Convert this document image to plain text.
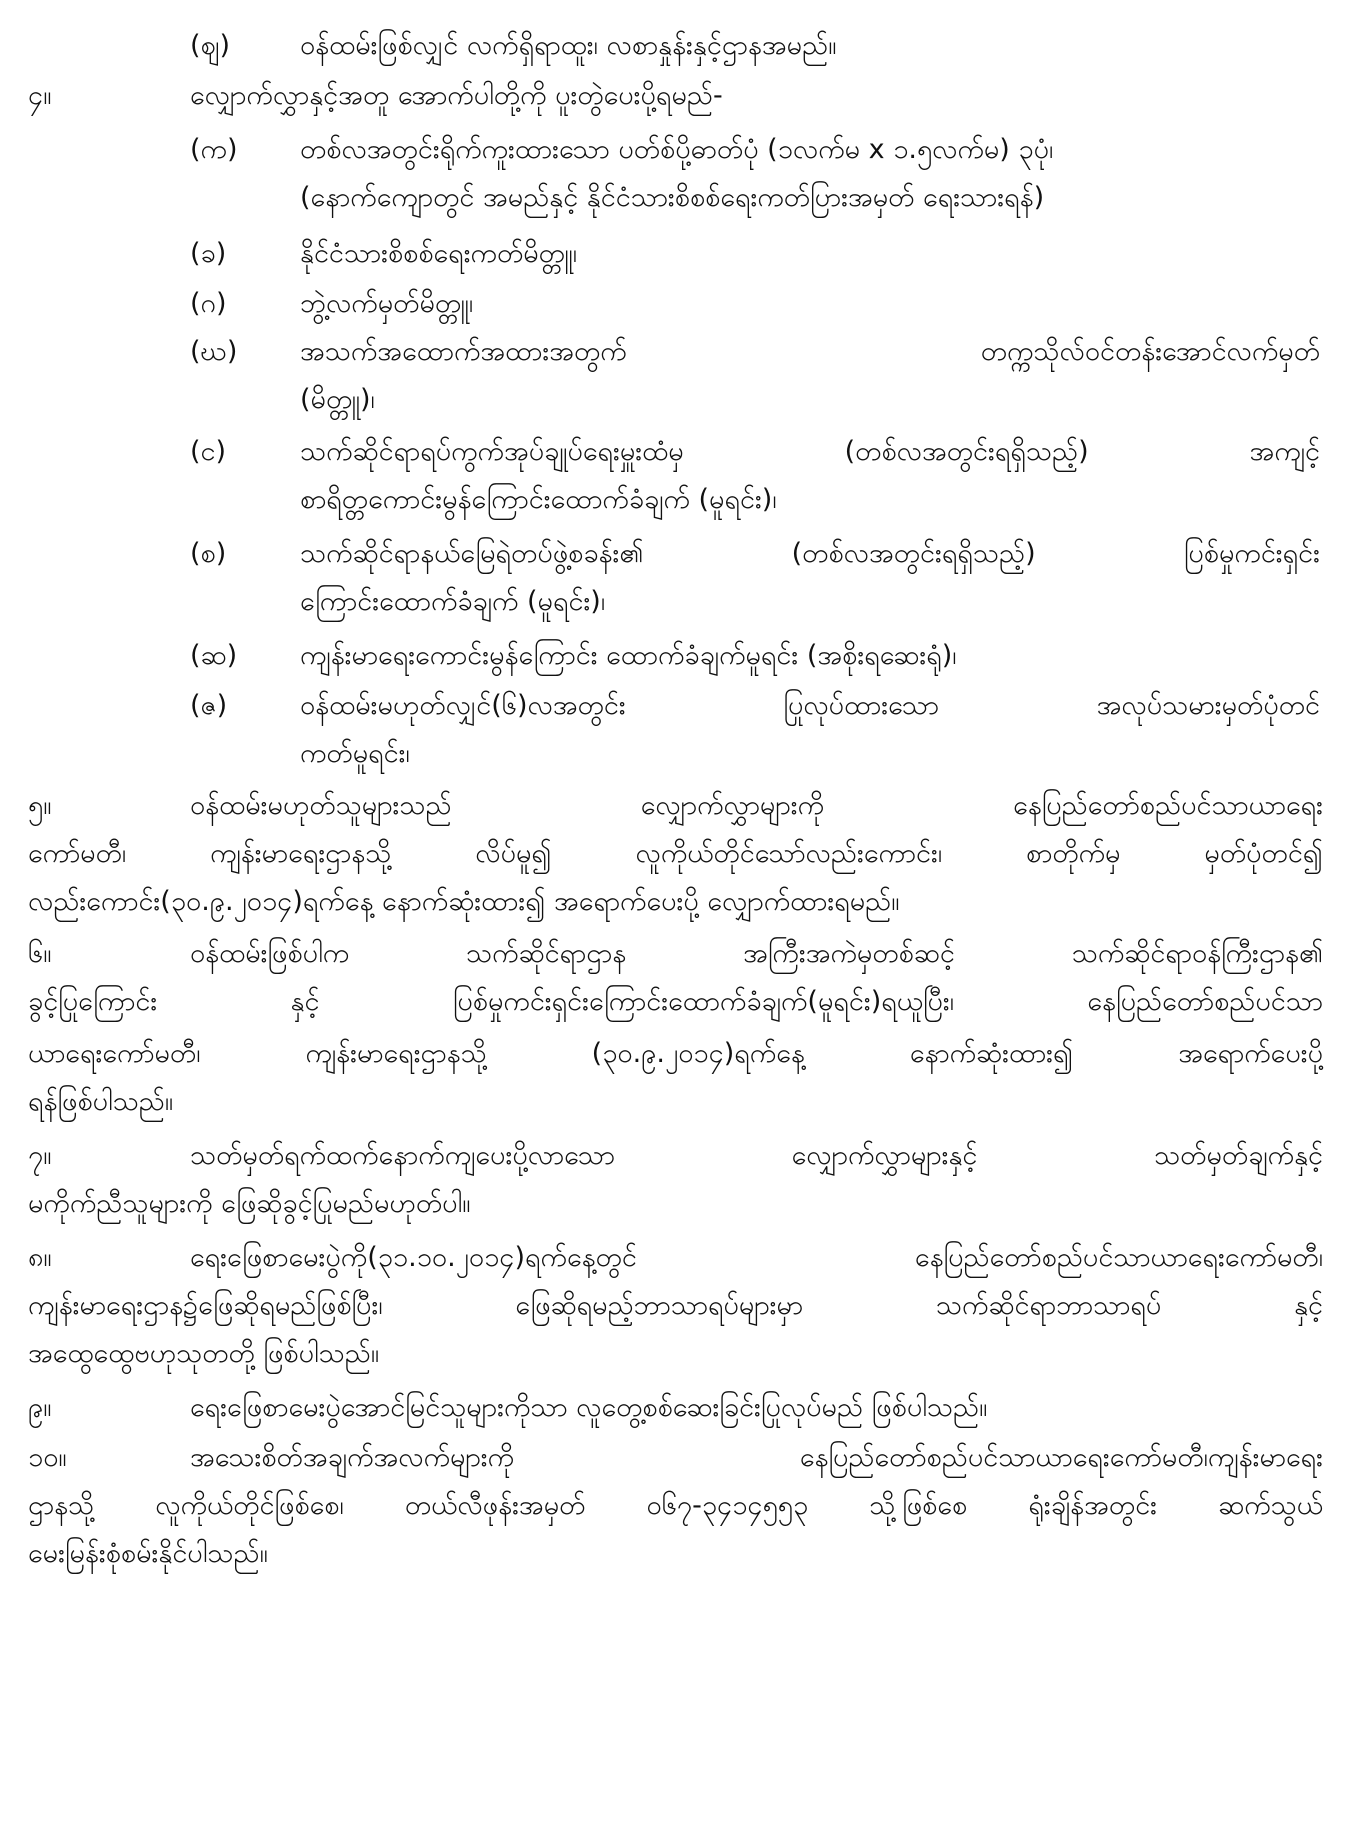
(ဈ)	ဝန်ထမ်းဖြစ်လျှင် လက်ရှိရာထူး၊ လစာနှုန်းနှင့်ဌာနအမည်။
၄။	လျှောက်လွှာနှင့်အတူ အောက်ပါတို့ကို ပူးတွဲပေးပို့ရမည်-
(က) တစ်လအတွင်းရိုက်ကူးထားသော ပတ်စ်ပို့ဓာတ်ပုံ (၁လက်မ x ၁.၅လက်မ) ၃ပုံ၊
(နောက်ကျောတွင် အမည်နှင့် နိုင်ငံသားစိစစ်ရေးကတ်ပြားအမှတ် ရေးသားရန်)
(ခ)	နိုင်ငံသားစိစစ်ရေးကတ်မိတ္တူ၊
(ဂ)	ဘွဲ့လက်မှတ်မိတ္တူ၊
(ဃ) အသက်အထောက်အထားအတွက် တက္ကသိုလ်ဝင်တန်းအောင်လက်မှတ်
(မိတ္တူ)၊
(င)	သက်ဆိုင်ရာရပ်ကွက်အုပ်ချုပ်ရေးမှူးထံမှ (တစ်လအတွင်းရရှိသည့်) အကျင့်
စာရိတ္တကောင်းမွန်ကြောင်းထောက်ခံချက် (မူရင်း)၊
(စ)	သက်ဆိုင်ရာနယ်မြေရဲတပ်ဖွဲ့စခန်း၏ (တစ်လအတွင်းရရှိသည့်) ပြစ်မှုကင်းရှင်း
ကြောင်းထောက်ခံချက် (မူရင်း)၊
(ဆ) ကျန်းမာရေးကောင်းမွန်ကြောင်း ထောက်ခံချက်မူရင်း (အစိုးရဆေးရုံ)၊
(ဇ)	ဝန်ထမ်းမဟုတ်လျှင်(၆)လအတွင်း ပြုလုပ်ထားသော အလုပ်သမားမှတ်ပုံတင်
ကတ်မူရင်း၊
၅။	ဝန်ထမ်းမဟုတ်သူများသည် လျှောက်လွှာများကို နေပြည်တော်စည်ပင်သာယာရေး
ကော်မတီ၊ ကျန်းမာရေးဌာနသို့ လိပ်မူ၍ လူကိုယ်တိုင်သော်လည်းကောင်း၊ စာတိုက်မှ မှတ်ပုံတင်၍
လည်းကောင်း(၃၀.၉.၂၀၁၄)ရက်နေ့ နောက်ဆုံးထား၍ အရောက်ပေးပို့ လျှောက်ထားရမည်။
၆။	ဝန်ထမ်းဖြစ်ပါက သက်ဆိုင်ရာဌာန အကြီးအကဲမှတစ်ဆင့် သက်ဆိုင်ရာဝန်ကြီးဌာန၏
ခွင့်ပြုကြောင်း နှင့် ပြစ်မှုကင်းရှင်းကြောင်းထောက်ခံချက်(မူရင်း)ရယူပြီး၊ နေပြည်တော်စည်ပင်သာ
ယာရေးကော်မတီ၊ ကျန်းမာရေးဌာနသို့ (၃၀.၉.၂၀၁၄)ရက်နေ့ နောက်ဆုံးထား၍ အရောက်ပေးပို့
ရန်ဖြစ်ပါသည်။
၇။	သတ်မှတ်ရက်ထက်နောက်ကျပေးပို့လာသော လျှောက်လွှာများနှင့် သတ်မှတ်ချက်နှင့်
မကိုက်ညီသူများကို ဖြေဆိုခွင့်ပြုမည်မဟုတ်ပါ။
၈။	ရေးဖြေစာမေးပွဲကို(၃၁.၁၀.၂၀၁၄)ရက်နေ့တွင် နေပြည်တော်စည်ပင်သာယာရေးကော်မတီ၊
ကျန်းမာရေးဌာန၌ဖြေဆိုရမည်ဖြစ်ပြီး၊ ဖြေဆိုရမည့်ဘာသာရပ်များမှာ သက်ဆိုင်ရာဘာသာရပ် နှင့်
အထွေထွေဗဟုသုတတို့ ဖြစ်ပါသည်။
၉။	ရေးဖြေစာမေးပွဲအောင်မြင်သူများကိုသာ လူတွေ့စစ်ဆေးခြင်းပြုလုပ်မည် ဖြစ်ပါသည်။
၁၀။	အသေးစိတ်အချက်အလက်များကို နေပြည်တော်စည်ပင်သာယာရေးကော်မတီ၊ကျန်းမာရေး
ဌာနသို့ လူကိုယ်တိုင်ဖြစ်စေ၊ တယ်လီဖုန်းအမှတ် ၀၆၇-၃၄၁၄၅၅၃ သို့ဖြစ်စေ ရုံးချိန်အတွင်း ဆက်သွယ်
မေးမြန်းစုံစမ်းနိုင်ပါသည်။
